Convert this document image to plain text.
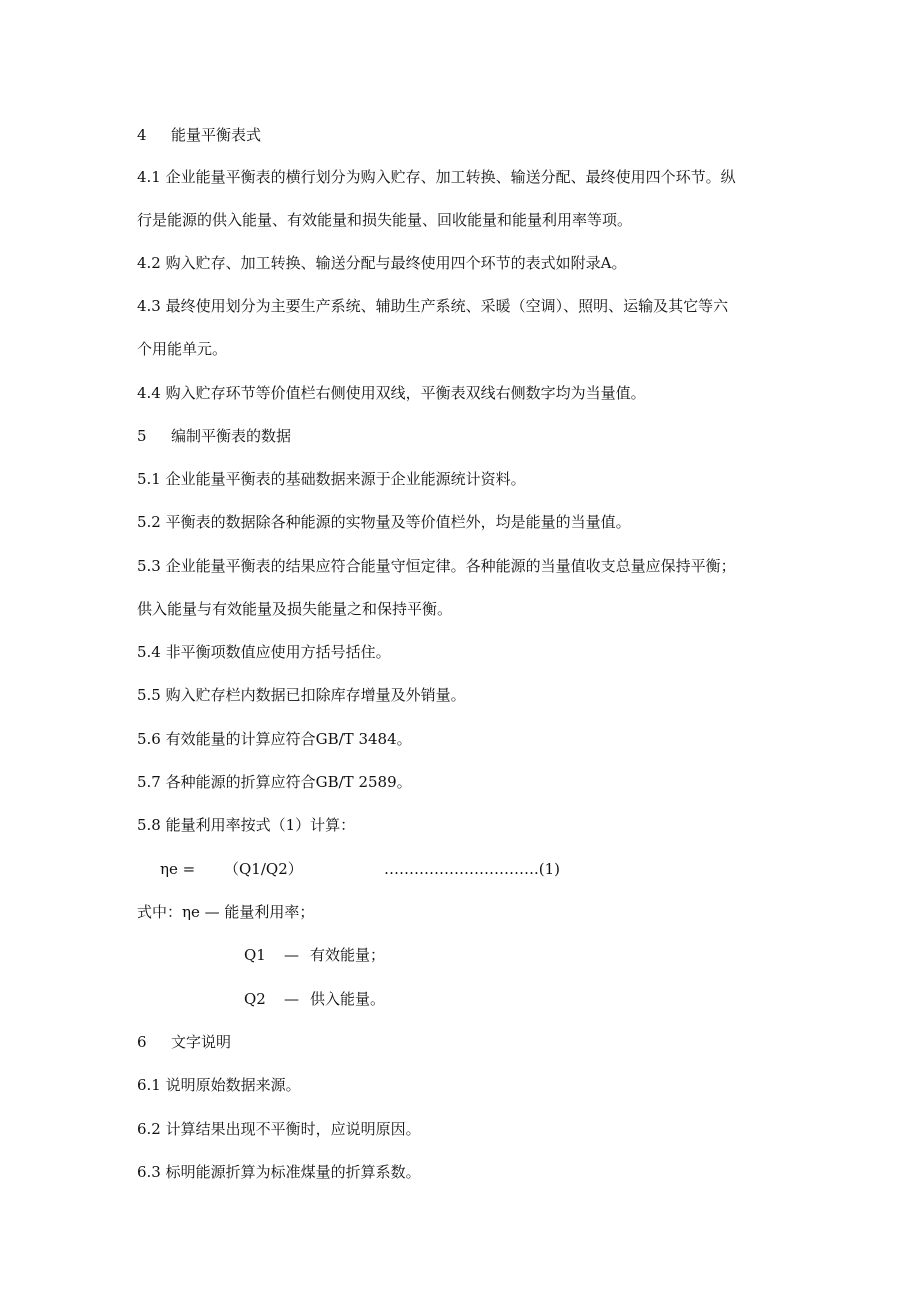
4 能量平衡表式
4.1 企业能量平衡表的横行划分为购入贮存、加工转换、输送分配、最终使用四个环节。纵
行是能源的供入能量、有效能量和损失能量、回收能量和能量利用率等项。
4.2 购入贮存、加工转换、输送分配与最终使用四个环节的表式如附录A。
4.3 最终使用划分为主要生产系统、辅助生产系统、采暖（空调）、照明、运输及其它等六
个用能单元。
4.4 购入贮存环节等价值栏右侧使用双线，平衡表双线右侧数字均为当量值。
5 编制平衡表的数据
5.1 企业能量平衡表的基础数据来源于企业能源统计资料。
5.2 平衡表的数据除各种能源的实物量及等价值栏外，均是能量的当量值。
5.3 企业能量平衡表的结果应符合能量守恒定律。各种能源的当量值收支总量应保持平衡；
供入能量与有效能量及损失能量之和保持平衡。
5.4 非平衡项数值应使用方括号括住。
5.5 购入贮存栏内数据已扣除库存增量及外销量。
5.6 有效能量的计算应符合GB/T 3484。
5.7 各种能源的折算应符合GB/T 2589。
5.8 能量利用率按式（1）计算：
ηe = （Q1/Q2）	………………………….(1)
式中：ηe — 能量利用率；
Q1 — 有效能量；
Q2 — 供入能量。
6 文字说明
6.1 说明原始数据来源。
6.2 计算结果出现不平衡时，应说明原因。
6.3 标明能源折算为标准煤量的折算系数。
